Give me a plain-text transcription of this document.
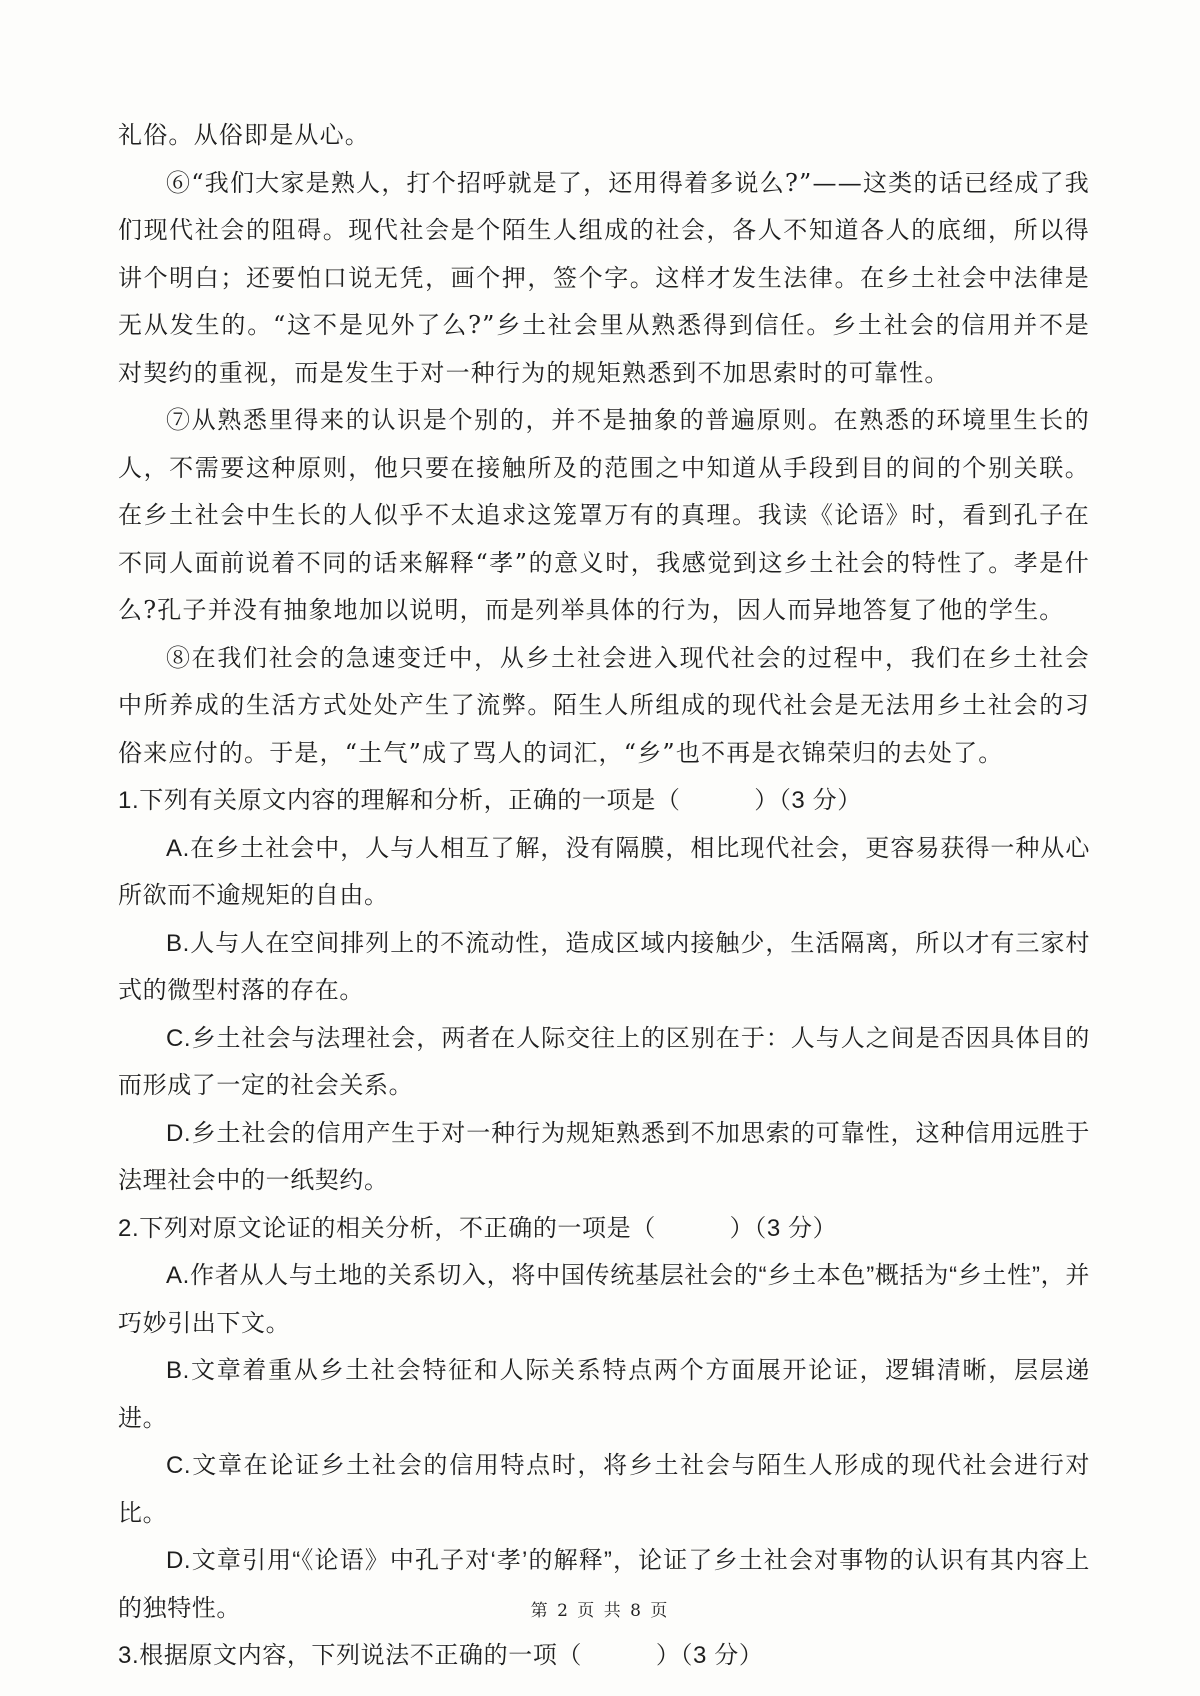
礼俗。从俗即是从心。

⑥“我们大家是熟人，打个招呼就是了，还用得着多说么?”——这类的话已经成了我们现代社会的阻碍。现代社会是个陌生人组成的社会，各人不知道各人的底细，所以得讲个明白；还要怕口说无凭，画个押，签个字。这样才发生法律。在乡土社会中法律是无从发生的。“这不是见外了么?”乡土社会里从熟悉得到信任。乡土社会的信用并不是对契约的重视，而是发生于对一种行为的规矩熟悉到不加思索时的可靠性。

⑦从熟悉里得来的认识是个别的，并不是抽象的普遍原则。在熟悉的环境里生长的人，不需要这种原则，他只要在接触所及的范围之中知道从手段到目的间的个别关联。在乡土社会中生长的人似乎不太追求这笼罩万有的真理。我读《论语》时，看到孔子在不同人面前说着不同的话来解释“孝”的意义时，我感觉到这乡土社会的特性了。孝是什么?孔子并没有抽象地加以说明，而是列举具体的行为，因人而异地答复了他的学生。

⑧在我们社会的急速变迁中，从乡土社会进入现代社会的过程中，我们在乡土社会中所养成的生活方式处处产生了流弊。陌生人所组成的现代社会是无法用乡土社会的习俗来应付的。于是，“土气”成了骂人的词汇，“乡”也不再是衣锦荣归的去处了。

1.下列有关原文内容的理解和分析，正确的一项是（　　　）（3 分）

A.在乡土社会中，人与人相互了解，没有隔膜，相比现代社会，更容易获得一种从心所欲而不逾规矩的自由。

B.人与人在空间排列上的不流动性，造成区域内接触少，生活隔离，所以才有三家村式的微型村落的存在。

C.乡土社会与法理社会，两者在人际交往上的区别在于：人与人之间是否因具体目的而形成了一定的社会关系。

D.乡土社会的信用产生于对一种行为规矩熟悉到不加思索的可靠性，这种信用远胜于法理社会中的一纸契约。

2.下列对原文论证的相关分析，不正确的一项是（　　　）（3 分）

A.作者从人与土地的关系切入，将中国传统基层社会的“乡土本色”概括为“乡土性”，并巧妙引出下文。

B.文章着重从乡土社会特征和人际关系特点两个方面展开论证，逻辑清晰，层层递进。

C.文章在论证乡土社会的信用特点时，将乡土社会与陌生人形成的现代社会进行对比。

D.文章引用“《论语》中孔子对‘孝’的解释”，论证了乡土社会对事物的认识有其内容上的独特性。

3.根据原文内容，下列说法不正确的一项（　　　）（3 分）

第 2 页 共 8 页
